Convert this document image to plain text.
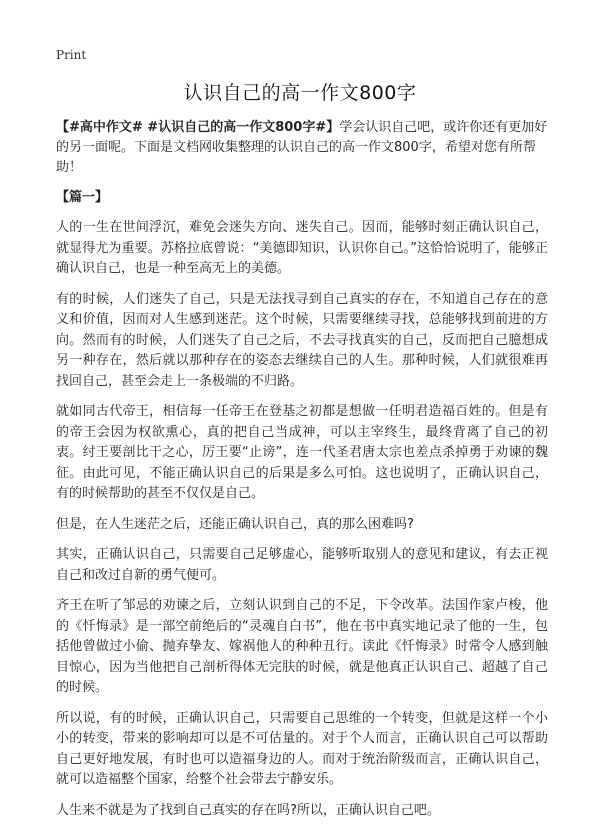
Print
认识自己的高一作文800字

【#高中作文# #认识自己的高一作文800字#】学会认识自己吧，或许你还有更加好的另一面呢。下面是文档网收集整理的认识自己的高一作文800字，希望对您有所帮助！

【篇一】

人的一生在世间浮沉，难免会迷失方向、迷失自己。因而，能够时刻正确认识自己，就显得尤为重要。苏格拉底曾说：“美德即知识，认识你自己。”这恰恰说明了，能够正确认识自己，也是一种至高无上的美德。

有的时候，人们迷失了自己，只是无法找寻到自己真实的存在，不知道自己存在的意义和价值，因而对人生感到迷茫。这个时候，只需要继续寻找，总能够找到前进的方向。然而有的时候，人们迷失了自己之后，不去寻找真实的自己，反而把自己臆想成另一种存在，然后就以那种存在的姿态去继续自己的人生。那种时候，人们就很难再找回自己，甚至会走上一条极端的不归路。

就如同古代帝王，相信每一任帝王在登基之初都是想做一任明君造福百姓的。但是有的帝王会因为权欲熏心，真的把自己当成神，可以主宰终生，最终背离了自己的初衷。纣王要剖比干之心，厉王要“止谤”，连一代圣君唐太宗也差点杀掉勇于劝谏的魏征。由此可见，不能正确认识自己的后果是多么可怕。这也说明了，正确认识自己，有的时候帮助的甚至不仅仅是自己。

但是，在人生迷茫之后，还能正确认识自己，真的那么困难吗?

其实，正确认识自己，只需要自己足够虚心，能够听取别人的意见和建议，有去正视自己和改过自新的勇气便可。

齐王在听了邹忌的劝谏之后，立刻认识到自己的不足，下令改革。法国作家卢梭，他的《忏悔录》是一部空前绝后的“灵魂自白书”，他在书中真实地记录了他的一生，包括他曾做过小偷、抛弃挚友、嫁祸他人的种种丑行。读此《忏悔录》时常令人感到触目惊心，因为当他把自己剖析得体无完肤的时候，就是他真正认识自己、超越了自己的时候。

所以说，有的时候，正确认识自己，只需要自己思维的一个转变，但就是这样一个小小的转变，带来的影响却可以是不可估量的。对于个人而言，正确认识自己可以帮助自己更好地发展，有时也可以造福身边的人。而对于统治阶级而言，正确认识自己，就可以造福整个国家，给整个社会带去宁静安乐。

人生来不就是为了找到自己真实的存在吗?所以，正确认识自己吧。
